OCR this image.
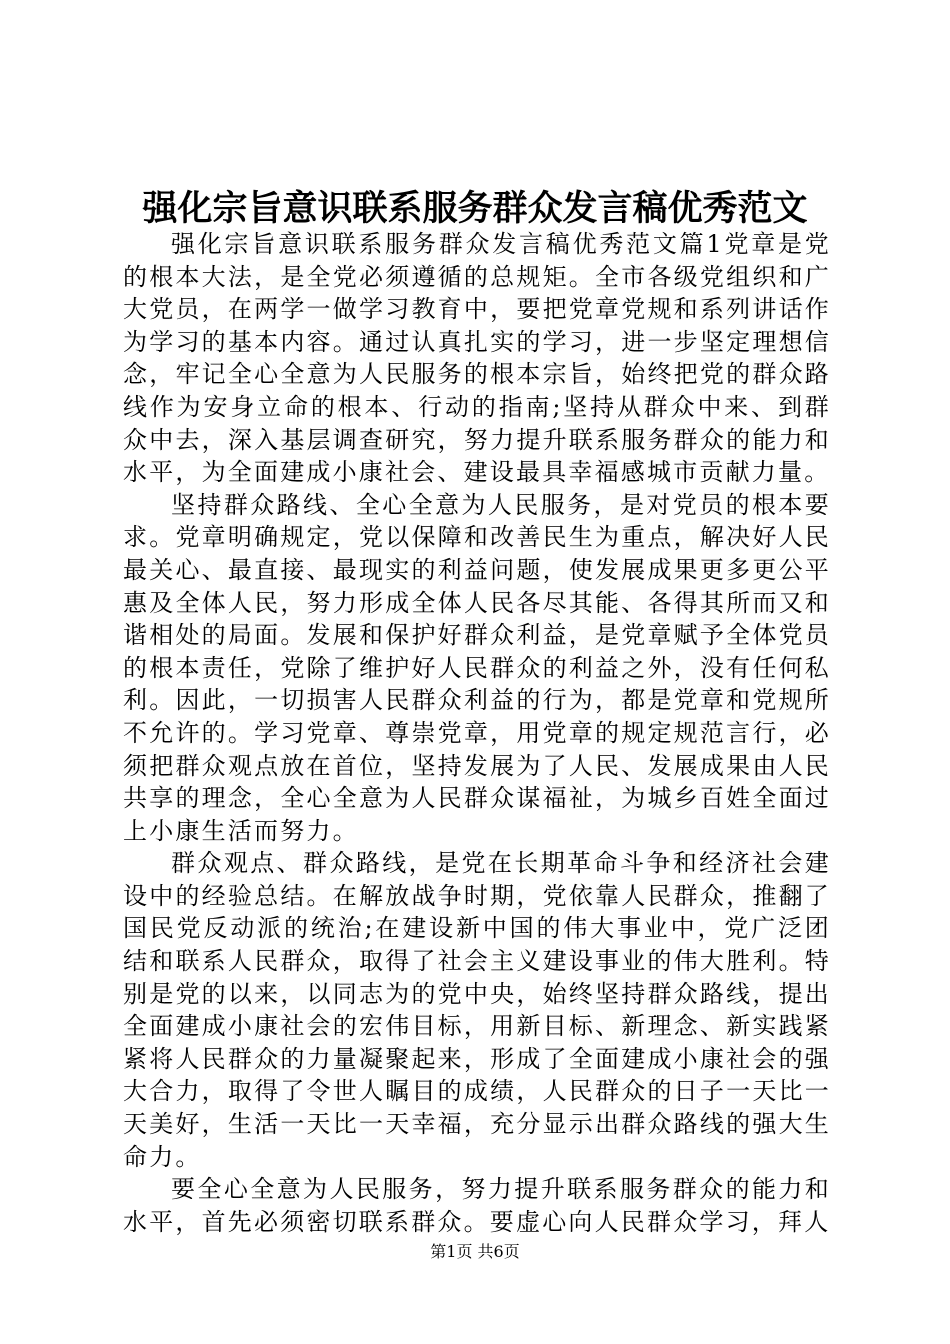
强化宗旨意识联系服务群众发言稿优秀范文

强化宗旨意识联系服务群众发言稿优秀范文篇1党章是党的根本大法，是全党必须遵循的总规矩。全市各级党组织和广大党员，在两学一做学习教育中，要把党章党规和系列讲话作为学习的基本内容。通过认真扎实的学习，进一步坚定理想信念，牢记全心全意为人民服务的根本宗旨，始终把党的群众路线作为安身立命的根本、行动的指南;坚持从群众中来、到群众中去，深入基层调查研究，努力提升联系服务群众的能力和水平，为全面建成小康社会、建设最具幸福感城市贡献力量。

坚持群众路线、全心全意为人民服务，是对党员的根本要求。党章明确规定，党以保障和改善民生为重点，解决好人民最关心、最直接、最现实的利益问题，使发展成果更多更公平惠及全体人民，努力形成全体人民各尽其能、各得其所而又和谐相处的局面。发展和保护好群众利益，是党章赋予全体党员的根本责任，党除了维护好人民群众的利益之外，没有任何私利。因此，一切损害人民群众利益的行为，都是党章和党规所不允许的。学习党章、尊崇党章，用党章的规定规范言行，必须把群众观点放在首位，坚持发展为了人民、发展成果由人民共享的理念，全心全意为人民群众谋福祉，为城乡百姓全面过上小康生活而努力。

群众观点、群众路线，是党在长期革命斗争和经济社会建设中的经验总结。在解放战争时期，党依靠人民群众，推翻了国民党反动派的统治;在建设新中国的伟大事业中，党广泛团结和联系人民群众，取得了社会主义建设事业的伟大胜利。特别是党的以来，以同志为的党中央，始终坚持群众路线，提出全面建成小康社会的宏伟目标，用新目标、新理念、新实践紧紧将人民群众的力量凝聚起来，形成了全面建成小康社会的强大合力，取得了令世人瞩目的成绩，人民群众的日子一天比一天美好，生活一天比一天幸福，充分显示出群众路线的强大生命力。

要全心全意为人民服务，努力提升联系服务群众的能力和水平，首先必须密切联系群众。要虚心向人民群众学习，拜人

第1页 共6页
